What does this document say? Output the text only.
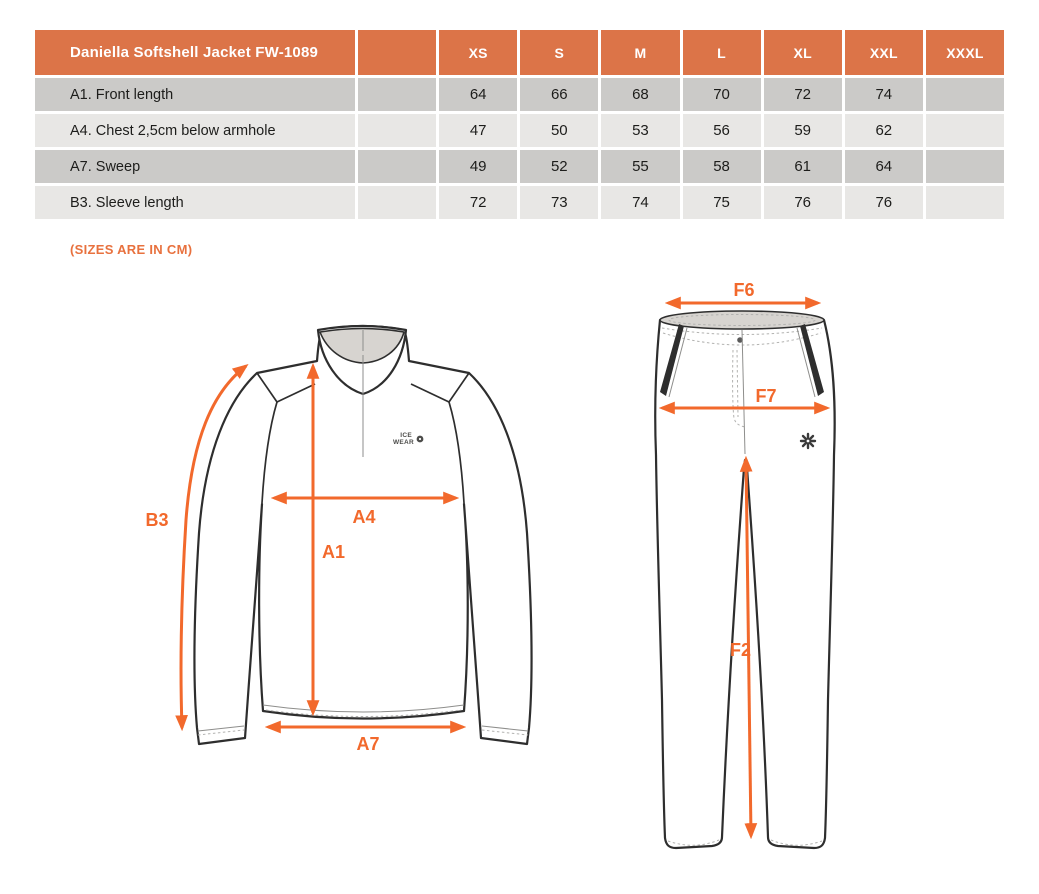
Daniella Softshell Jacket FW-1089	XS	S	M	L	XL	XXL	XXXL
A1. Front length	64	66	68	70	72	74
A4. Chest 2,5cm below armhole	47	50	53	56	59	62
A7. Sweep	49	52	55	58	61	64
B3. Sleeve length	72	73	74	75	76	76
(SIZES ARE IN CM)
ICE
WEAR
B3	A4
A1
A7
F6
F7
F2
